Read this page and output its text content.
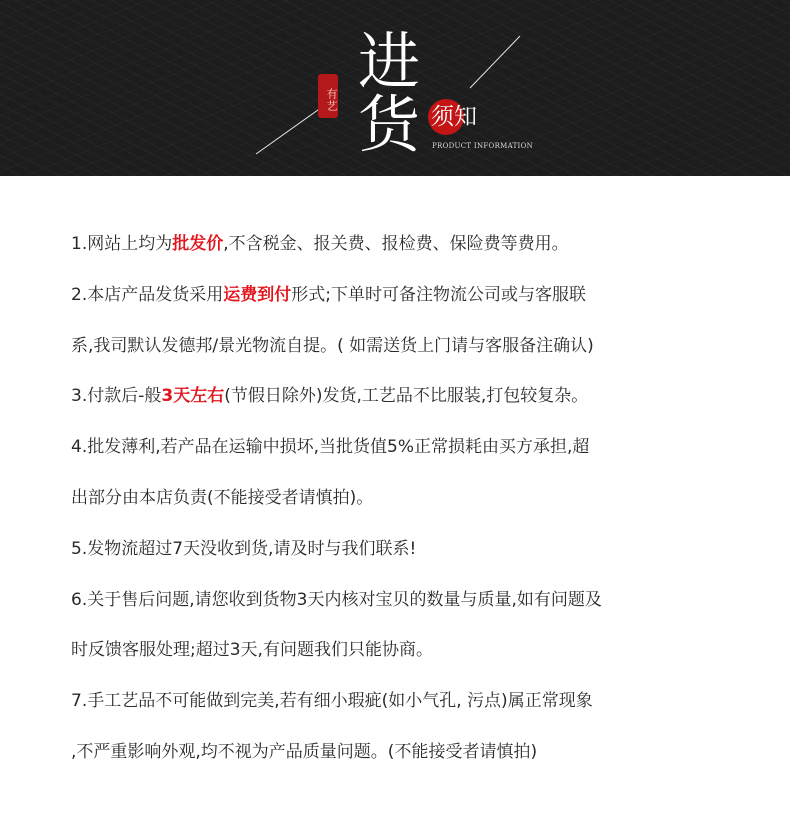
有艺
进
货 须知
PRODUCT INFORMATION
1.网站上均为批发价,不含税金、报关费、报检费、保险费等费用。
2.本店产品发货采用运费到付形式;下单时可备注物流公司或与客服联
系,我司默认发德邦/景光物流自提。( 如需送货上门请与客服备注确认)
3.付款后-般3天左右(节假日除外)发货,工艺品不比服装,打包较复杂。
4.批发薄利,若产品在运输中损坏,当批货值5%正常损耗由买方承担,超
出部分由本店负责(不能接受者请慎拍)。
5.发物流超过7天没收到货,请及时与我们联系!
6.关于售后问题,请您收到货物3天内核对宝贝的数量与质量,如有问题及
时反馈客服处理;超过3天,有问题我们只能协商。
7.手工艺品不可能做到完美,若有细小瑕疵(如小气孔, 污点)属正常现象
,不严重影响外观,均不视为产品质量问题。(不能接受者请慎拍)
